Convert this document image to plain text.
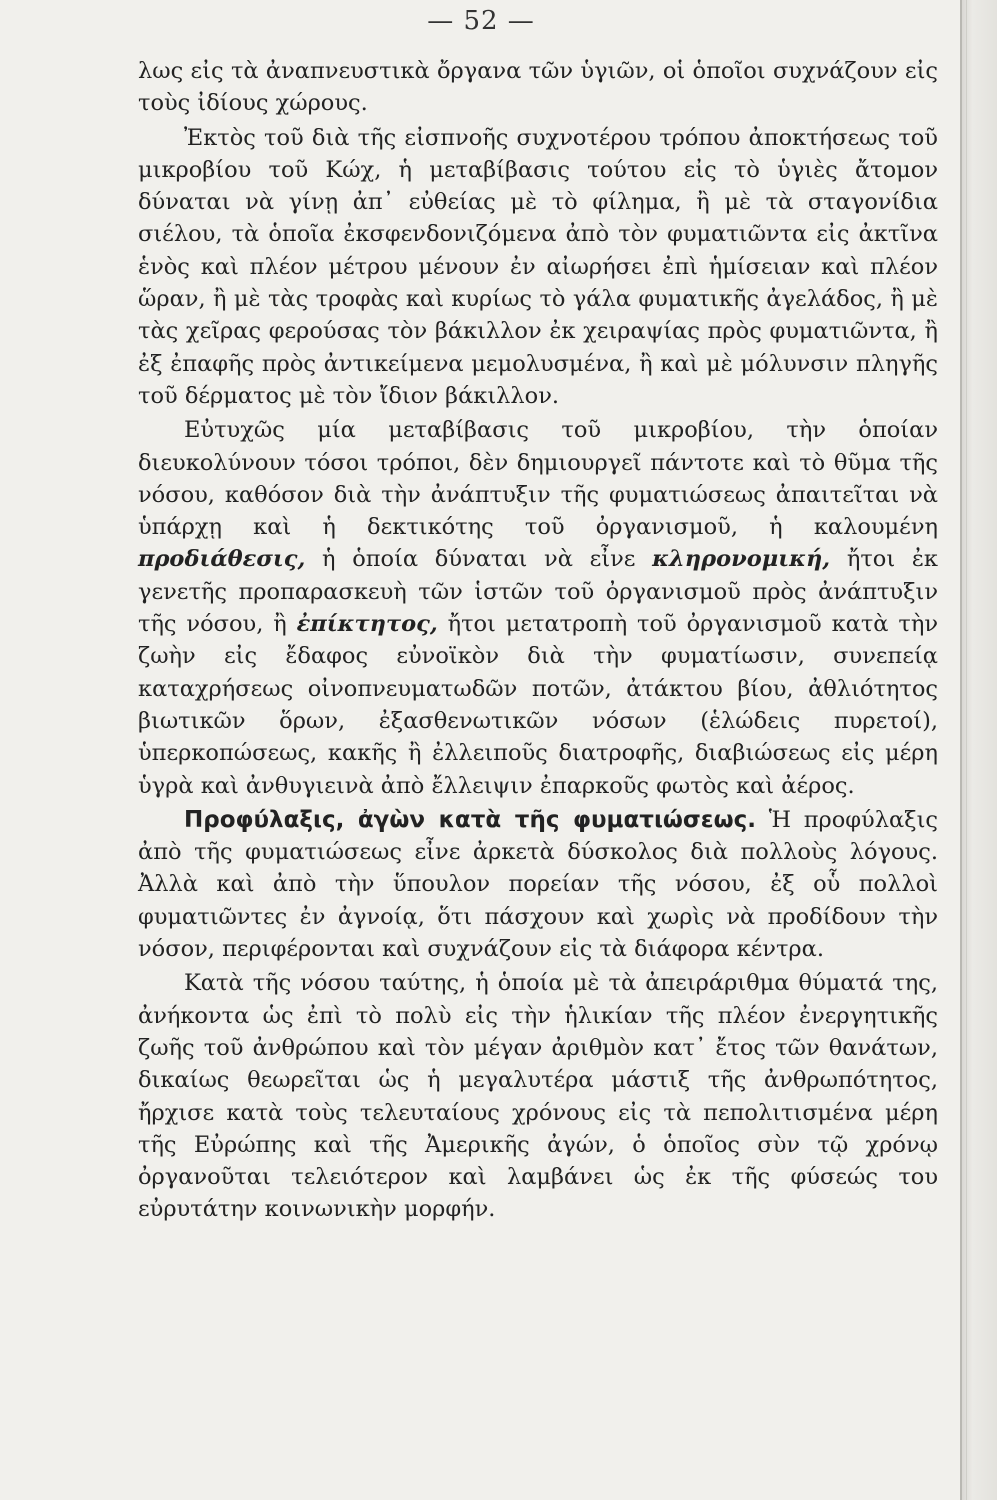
— 52 —

λως εἰς τὰ ἀναπνευστικὰ ὄργανα τῶν ὑγιῶν, οἱ ὁποῖοι συχνάζουν εἰς τοὺς ἰδίους χώρους.

Ἐκτὸς τοῦ διὰ τῆς εἰσπνοῆς συχνοτέρου τρόπου ἀποκτήσεως τοῦ μικροβίου τοῦ Κώχ, ἡ μεταβίβασις τούτου εἰς τὸ ὑγιὲς ἄτομον δύναται νὰ γίνῃ ἀπ᾽ εὐθείας μὲ τὸ φίλημα, ἢ μὲ τὰ σταγονίδια σιέλου, τὰ ὁποῖα ἐκσφενδονιζόμενα ἀπὸ τὸν φυματιῶντα εἰς ἀκτῖνα ἑνὸς καὶ πλέον μέτρου μένουν ἐν αἰωρήσει ἐπὶ ἡμίσειαν καὶ πλέον ὥραν, ἢ μὲ τὰς τροφὰς καὶ κυρίως τὸ γάλα φυματικῆς ἀγελάδος, ἢ μὲ τὰς χεῖρας φερούσας τὸν βάκιλλον ἐκ χειραψίας πρὸς φυματιῶντα, ἢ ἐξ ἐπαφῆς πρὸς ἀντικείμενα μεμολυσμένα, ἢ καὶ μὲ μόλυνσιν πληγῆς τοῦ δέρματος μὲ τὸν ἴδιον βάκιλλον.

Εὐτυχῶς μία μεταβίβασις τοῦ μικροβίου, τὴν ὁποίαν διευκολύνουν τόσοι τρόποι, δὲν δημιουργεῖ πάντοτε καὶ τὸ θῦμα τῆς νόσου, καθόσον διὰ τὴν ἀνάπτυξιν τῆς φυματιώσεως ἀπαιτεῖται νὰ ὑπάρχῃ καὶ ἡ δεκτικότης τοῦ ὀργανισμοῦ, ἡ καλουμένη προδιάθεσις, ἡ ὁποία δύναται νὰ εἶνε κληρονομική, ἤτοι ἐκ γενετῆς προπαρασκευὴ τῶν ἱστῶν τοῦ ὀργανισμοῦ πρὸς ἀνάπτυξιν τῆς νόσου, ἢ ἐπίκτητος, ἤτοι μετατροπὴ τοῦ ὀργανισμοῦ κατὰ τὴν ζωὴν εἰς ἔδαφος εὐνοϊκὸν διὰ τὴν φυματίωσιν, συνεπείᾳ καταχρήσεως οἰνοπνευματωδῶν ποτῶν, ἀτάκτου βίου, ἀθλιότητος βιωτικῶν ὅρων, ἐξασθενωτικῶν νόσων (ἑλώδεις πυρετοί), ὑπερκοπώσεως, κακῆς ἢ ἐλλειποῦς διατροφῆς, διαβιώσεως εἰς μέρη ὑγρὰ καὶ ἀνθυγιεινὰ ἀπὸ ἔλλειψιν ἐπαρκοῦς φωτὸς καὶ ἀέρος.

Προφύλαξις, ἀγὼν κατὰ τῆς φυματιώσεως. Ἡ προφύλαξις ἀπὸ τῆς φυματιώσεως εἶνε ἀρκετὰ δύσκολος διὰ πολλοὺς λόγους. Ἀλλὰ καὶ ἀπὸ τὴν ὕπουλον πορείαν τῆς νόσου, ἐξ οὗ πολλοὶ φυματιῶντες ἐν ἀγνοίᾳ, ὅτι πάσχουν καὶ χωρὶς νὰ προδίδουν τὴν νόσον, περιφέρονται καὶ συχνάζουν εἰς τὰ διάφορα κέντρα.

Κατὰ τῆς νόσου ταύτης, ἡ ὁποία μὲ τὰ ἀπειράριθμα θύματά της, ἀνήκοντα ὡς ἐπὶ τὸ πολὺ εἰς τὴν ἡλικίαν τῆς πλέον ἐνεργητικῆς ζωῆς τοῦ ἀνθρώπου καὶ τὸν μέγαν ἀριθμὸν κατ᾽ ἔτος τῶν θανάτων, δικαίως θεωρεῖται ὡς ἡ μεγαλυτέρα μάστιξ τῆς ἀνθρωπότητος, ἤρχισε κατὰ τοὺς τελευταίους χρόνους εἰς τὰ πεπολιτισμένα μέρη τῆς Εὐρώπης καὶ τῆς Ἀμερικῆς ἀγών, ὁ ὁποῖος σὺν τῷ χρόνῳ ὀργανοῦται τελειότερον καὶ λαμβάνει ὡς ἐκ τῆς φύσεώς του εὐρυτάτην κοινωνικὴν μορφήν.
